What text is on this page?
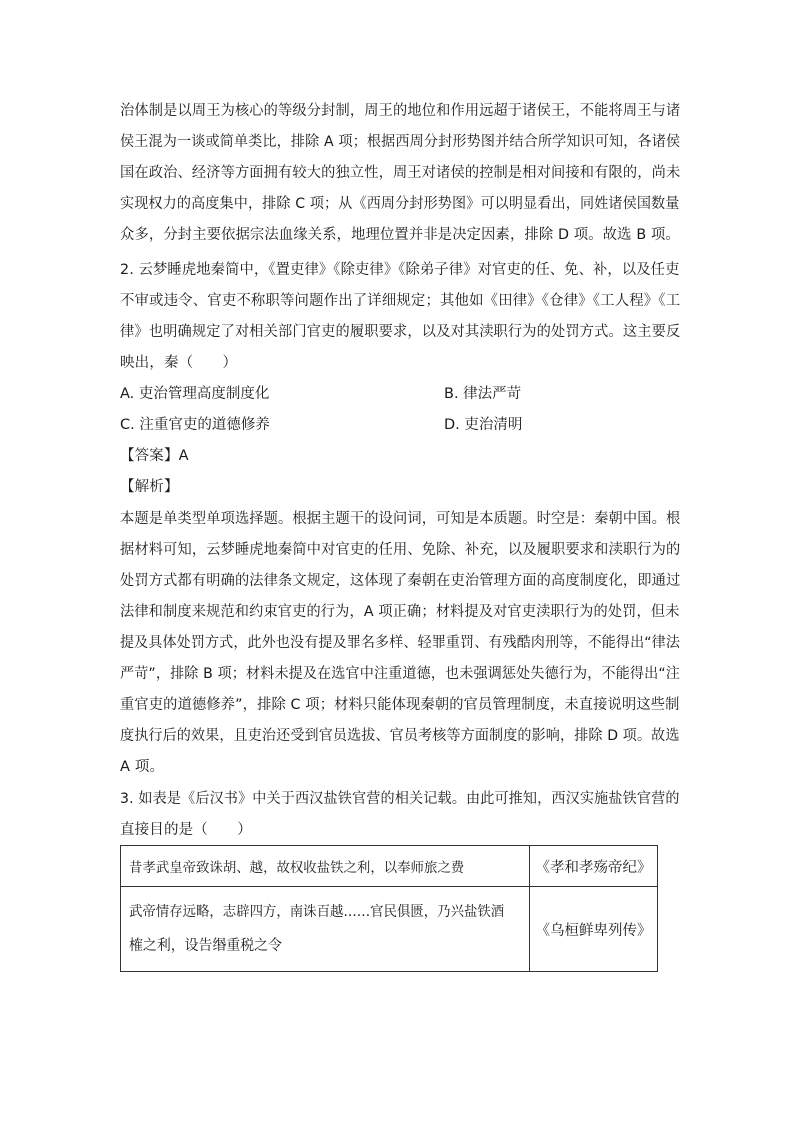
治体制是以周王为核心的等级分封制，周王的地位和作用远超于诸侯王，不能将周王与诸
侯王混为一谈或简单类比，排除 A 项；根据西周分封形势图并结合所学知识可知，各诸侯
国在政治、经济等方面拥有较大的独立性，周王对诸侯的控制是相对间接和有限的，尚未
实现权力的高度集中，排除 C 项；从《西周分封形势图》可以明显看出，同姓诸侯国数量
众多，分封主要依据宗法血缘关系，地理位置并非是决定因素，排除 D 项。故选 B 项。
2. 云梦睡虎地秦简中，《置吏律》《除吏律》《除弟子律》对官吏的任、免、补，以及任吏
不审或违令、官吏不称职等问题作出了详细规定；其他如《田律》《仓律》《工人程》《工
律》也明确规定了对相关部门官吏的履职要求，以及对其渎职行为的处罚方式。这主要反
映出，秦（　　）
A. 吏治管理高度制度化	B. 律法严苛
C. 注重官吏的道德修养	D. 吏治清明
【答案】A
【解析】
本题是单类型单项选择题。根据主题干的设问词，可知是本质题。时空是：秦朝中国。根
据材料可知，云梦睡虎地秦简中对官吏的任用、免除、补充，以及履职要求和渎职行为的
处罚方式都有明确的法律条文规定，这体现了秦朝在吏治管理方面的高度制度化，即通过
法律和制度来规范和约束官吏的行为，A 项正确；材料提及对官吏渎职行为的处罚，但未
提及具体处罚方式，此外也没有提及罪名多样、轻罪重罚、有残酷肉刑等，不能得出“律法
严苛”，排除 B 项；材料未提及在选官中注重道德，也未强调惩处失德行为，不能得出“注
重官吏的道德修养”，排除 C 项；材料只能体现秦朝的官员管理制度，未直接说明这些制
度执行后的效果，且吏治还受到官员选拔、官员考核等方面制度的影响，排除 D 项。故选
A 项。
3. 如表是《后汉书》中关于西汉盐铁官营的相关记载。由此可推知，西汉实施盐铁官营的
直接目的是（　　）
昔孝武皇帝致诛胡、越，故权收盐铁之利，以奉师旅之费	《孝和孝殇帝纪》

武帝情存远略，志辟四方，南诛百越……官民俱匮，乃兴盐铁酒
榷之利，设告缗重税之令	《乌桓鲜卑列传》
